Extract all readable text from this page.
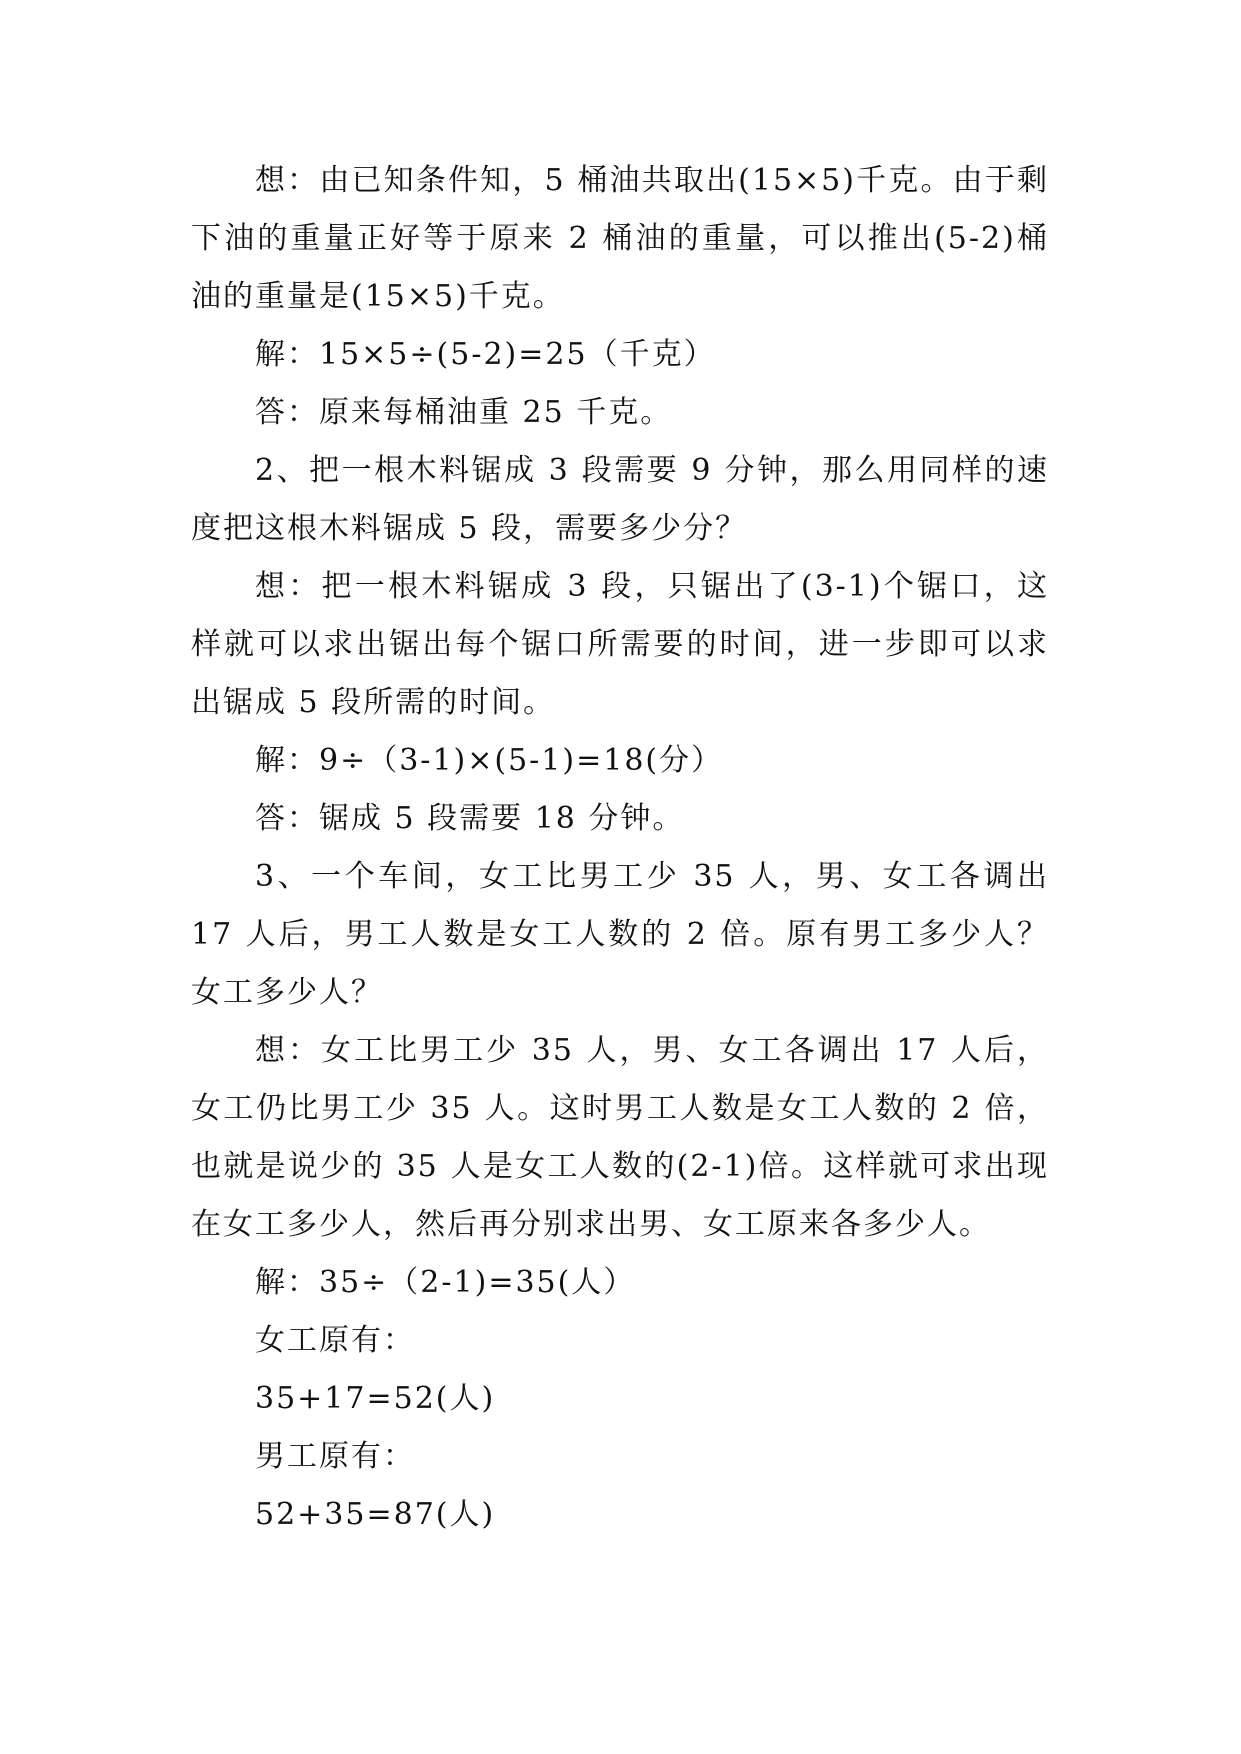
想：由已知条件知，5 桶油共取出(15×5)千克。由于剩下油的重量正好等于原来 2 桶油的重量，可以推出(5-2)桶油的重量是(15×5)千克。

解：15×5÷(5-2)=25（千克）

答：原来每桶油重 25 千克。

2、把一根木料锯成 3 段需要 9 分钟，那么用同样的速度把这根木料锯成 5 段，需要多少分？

想：把一根木料锯成 3 段，只锯出了(3-1)个锯口，这样就可以求出锯出每个锯口所需要的时间，进一步即可以求出锯成 5 段所需的时间。

解：9÷（3-1)×(5-1)=18(分）

答：锯成 5 段需要 18 分钟。

3、一个车间，女工比男工少 35 人，男、女工各调出 17 人后，男工人数是女工人数的 2 倍。原有男工多少人？女工多少人？

想：女工比男工少 35 人，男、女工各调出 17 人后，女工仍比男工少 35 人。这时男工人数是女工人数的 2 倍，也就是说少的 35 人是女工人数的(2-1)倍。这样就可求出现在女工多少人，然后再分别求出男、女工原来各多少人。

解：35÷（2-1)=35(人）

女工原有：

35+17=52(人)

男工原有：

52+35=87(人)
